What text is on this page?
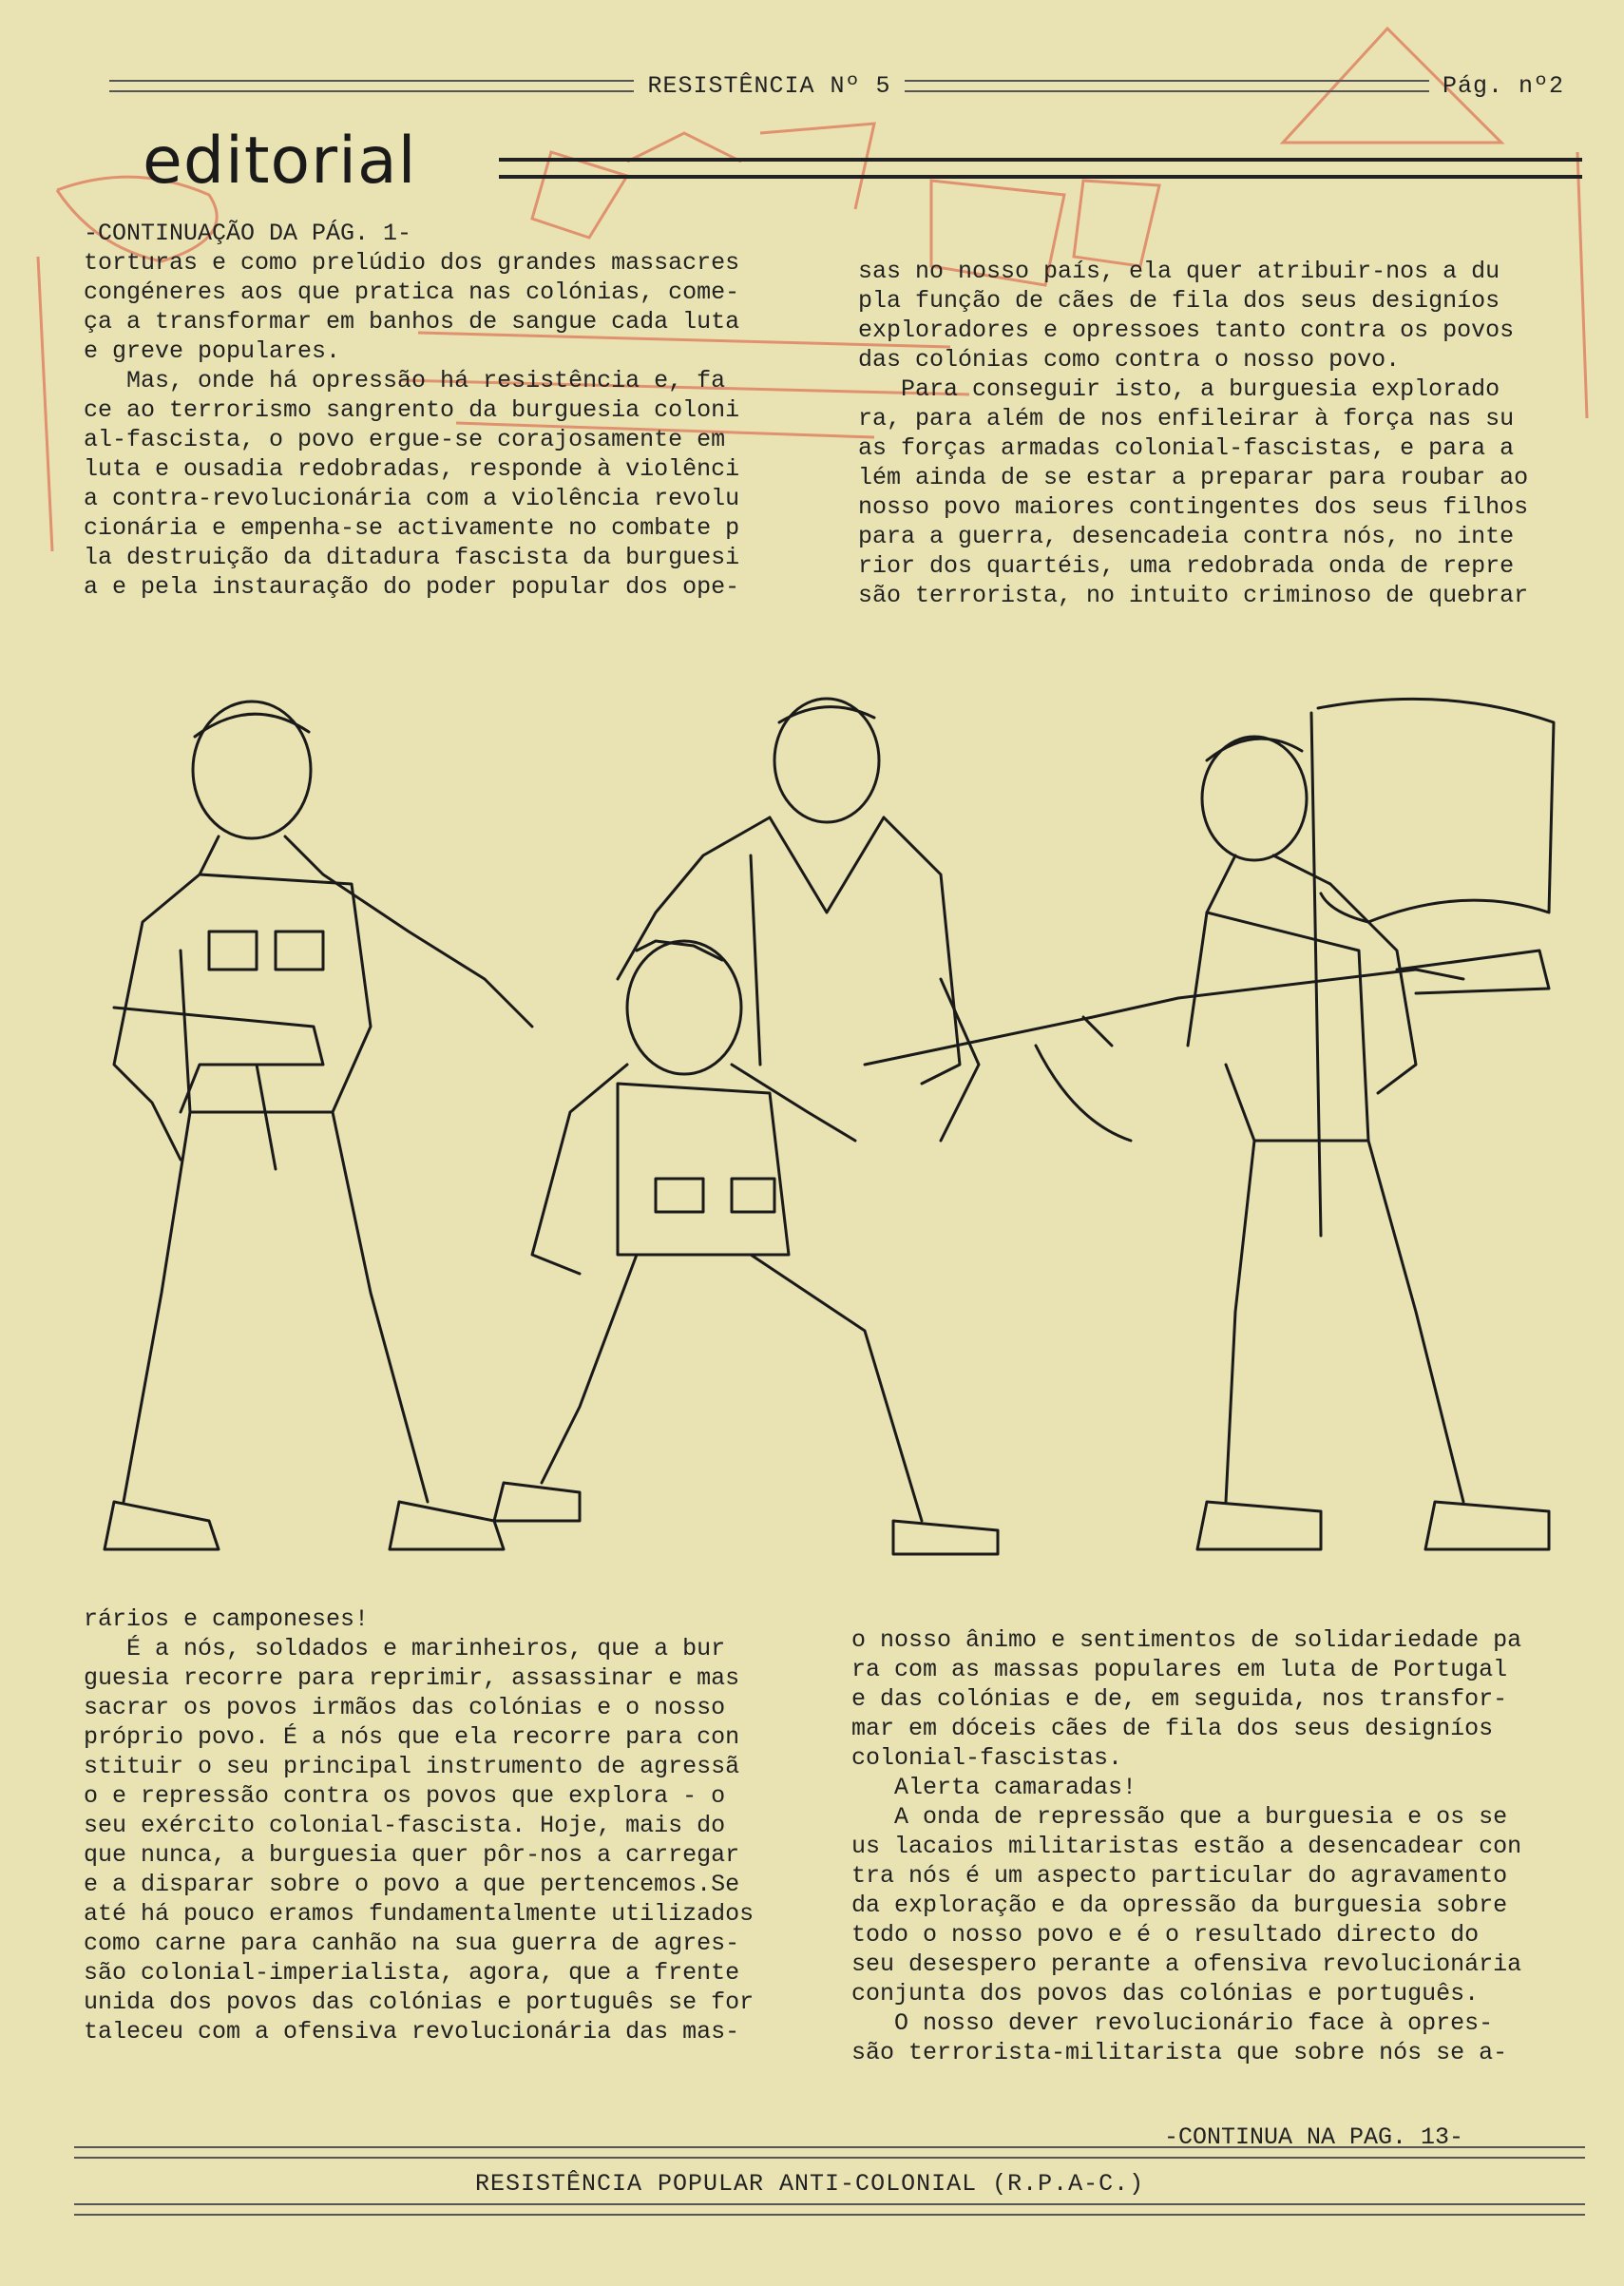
RESISTÊNCIA Nº 5	Pág. nº2
editorial
-CONTINUAÇÃO DA PÁG. 1-
torturas e como prelúdio dos grandes massacres
congéneres aos que pratica nas colónias, come-
ça a transformar em banhos de sangue cada luta
e greve populares.
Mas, onde há opressão há resistência e, fa
ce ao terrorismo sangrento da burguesia coloni
al-fascista, o povo ergue-se corajosamente em
luta e ousadia redobradas, responde à violênci
a contra-revolucionária com a violência revolu
cionária e empenha-se activamente no combate p
la destruição da ditadura fascista da burguesi
a e pela instauração do poder popular dos ope-
sas no nosso país, ela quer atribuir-nos a du
pla função de cães de fila dos seus designíos
exploradores e opressoes tanto contra os povos
das colónias como contra o nosso povo.
Para conseguir isto, a burguesia explorado
ra, para além de nos enfileirar à força nas su
as forças armadas colonial-fascistas, e para a
lém ainda de se estar a preparar para roubar ao
nosso povo maiores contingentes dos seus filhos
para a guerra, desencadeia contra nós, no inte
rior dos quartéis, uma redobrada onda de repre
são terrorista, no intuito criminoso de quebrar
rários e camponeses!
É a nós, soldados e marinheiros, que a bur
guesia recorre para reprimir, assassinar e mas
sacrar os povos irmãos das colónias e o nosso
próprio povo. É a nós que ela recorre para con
stituir o seu principal instrumento de agressã
o e repressão contra os povos que explora - o
seu exército colonial-fascista. Hoje, mais do
que nunca, a burguesia quer pôr-nos a carregar
e a disparar sobre o povo a que pertencemos.Se
até há pouco eramos fundamentalmente utilizados
como carne para canhão na sua guerra de agres-
são colonial-imperialista, agora, que a frente
unida dos povos das colónias e português se for
taleceu com a ofensiva revolucionária das mas-
o nosso ânimo e sentimentos de solidariedade pa
ra com as massas populares em luta de Portugal
e das colónias e de, em seguida, nos transfor-
mar em dóceis cães de fila dos seus designíos
colonial-fascistas.
Alerta camaradas!
A onda de repressão que a burguesia e os se
us lacaios militaristas estão a desencadear con
tra nós é um aspecto particular do agravamento
da exploração e da opressão da burguesia sobre
todo o nosso povo e é o resultado directo do
seu desespero perante a ofensiva revolucionária
conjunta dos povos das colónias e português.
O nosso dever revolucionário face à opres-
são terrorista-militarista que sobre nós se a-
-CONTINUA NA PAG. 13-
RESISTÊNCIA POPULAR ANTI-COLONIAL (R.P.A-C.)
